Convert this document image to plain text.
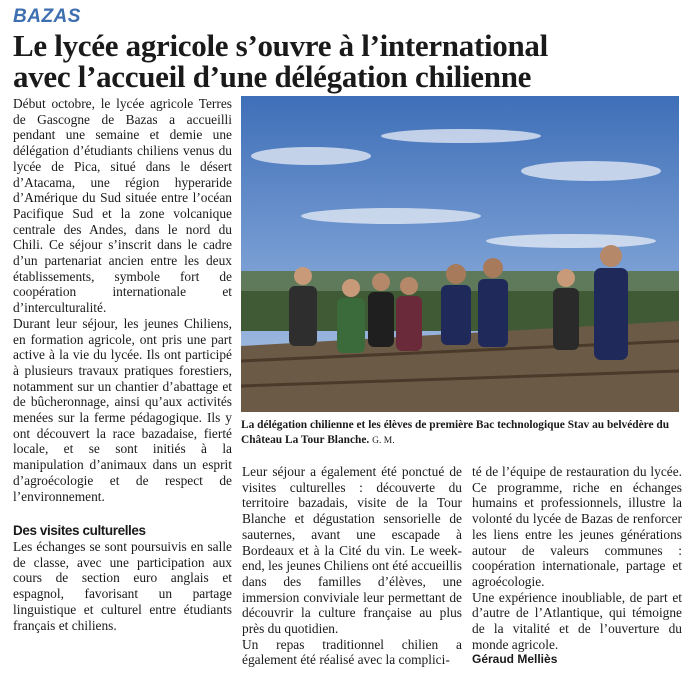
BAZAS
Le lycée agricole s’ouvre à l’international
avec l’accueil d’une délégation chilienne

Début octobre, le lycée agricole Terres de Gascogne de Bazas a accueilli pendant une semaine et demie une délégation d’étudiants chiliens venus du lycée de Pica, situé dans le désert d’Atacama, une région hyperaride d’Amérique du Sud située entre l’océan Pacifique Sud et la zone volcanique centrale des Andes, dans le nord du Chili. Ce séjour s’inscrit dans le cadre d’un partenariat ancien entre les deux établissements, symbole fort de coopération internationale et d’interculturalité.

Durant leur séjour, les jeunes Chiliens, en formation agricole, ont pris une part active à la vie du lycée. Ils ont participé à plusieurs travaux pratiques forestiers, notamment sur un chantier d’abattage et de bûcheronnage, ainsi qu’aux activités menées sur la ferme pédagogique. Ils y ont découvert la race bazadaise, fierté locale, et se sont initiés à la manipulation d’animaux dans un esprit d’agroécologie et de respect de l’environnement.

Des visites culturelles

Les échanges se sont poursuivis en salle de classe, avec une participation aux cours de section euro anglais et espagnol, favorisant un partage linguistique et culturel entre étudiants français et chiliens.

La délégation chilienne et les élèves de première Bac technologique Stav au belvédère du Château La Tour Blanche. G. M.

Leur séjour a également été ponctué de visites culturelles : découverte du territoire bazadais, visite de la Tour Blanche et dégustation sensorielle de sauternes, avant une escapade à Bordeaux et à la Cité du vin. Le week-end, les jeunes Chiliens ont été accueillis dans des familles d’élèves, une immersion conviviale leur permettant de découvrir la culture française au plus près du quotidien.

Un repas traditionnel chilien a également été réalisé avec la complici-

té de l’équipe de restauration du lycée. Ce programme, riche en échanges humains et professionnels, illustre la volonté du lycée de Bazas de renforcer les liens entre les jeunes générations autour de valeurs communes : coopération internationale, partage et agroécologie.

Une expérience inoubliable, de part et d’autre de l’Atlantique, qui témoigne de la vitalité et de l’ouverture du monde agricole.

Géraud Melliès
